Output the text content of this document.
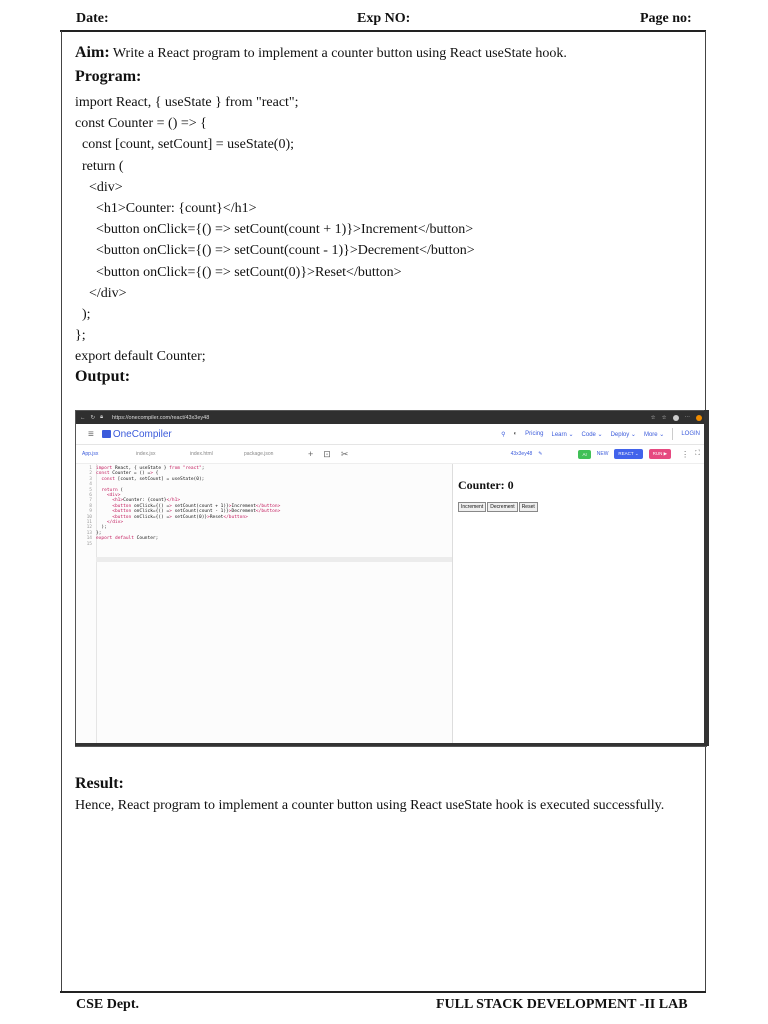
Date:	Exp NO:	Page no:
Aim: Write a React program to implement a counter button using React useState hook.
Program:
import React, { useState } from "react";
const Counter = () => {
const [count, setCount] = useState(0);
return (
<div>
<h1>Counter: {count}</h1>
<button onClick={() => setCount(count + 1)}>Increment</button>
<button onClick={() => setCount(count - 1)}>Decrement</button>
<button onClick={() => setCount(0)}>Reset</button>
</div>
);
};
export default Counter;
Output:
← ↻ 🔒︎ https://onecompiler.com/react/43x3ey48	☆ ☆	⋯
≡ OneCompiler	⚲ ◐ Pricing Learn ⌄ Code ⌄ Deploy ⌄ More ⌄	LOGIN
App.jsx	index.jsx	index.html	package.json	+ ⊡ ✂	43x3ey48 ✎	AI	NEW	REACT ⌄	RUN ▶	⋮ ⛶
1 import React, { useState } from "react";
2 const Counter = () => {
3 const [count, setCount] = useState(0);
4
5 return (
6	<div>
7	<h1>Counter: {count}</h1>
8	<button onClick={() => setCount(count + 1)}>Increment</button>
9	<button onClick={() => setCount(count - 1)}>Decrement</button>
10	<button onClick={() => setCount(0)}>Reset</button>
11	</div>
12  );
13 };
14 export default Counter;
15
Counter: 0
Increment	Decrement	Reset
Result:
Hence, React program to implement a counter button using React useState hook is executed successfully.
CSE Dept.	FULL STACK DEVELOPMENT -II LAB
